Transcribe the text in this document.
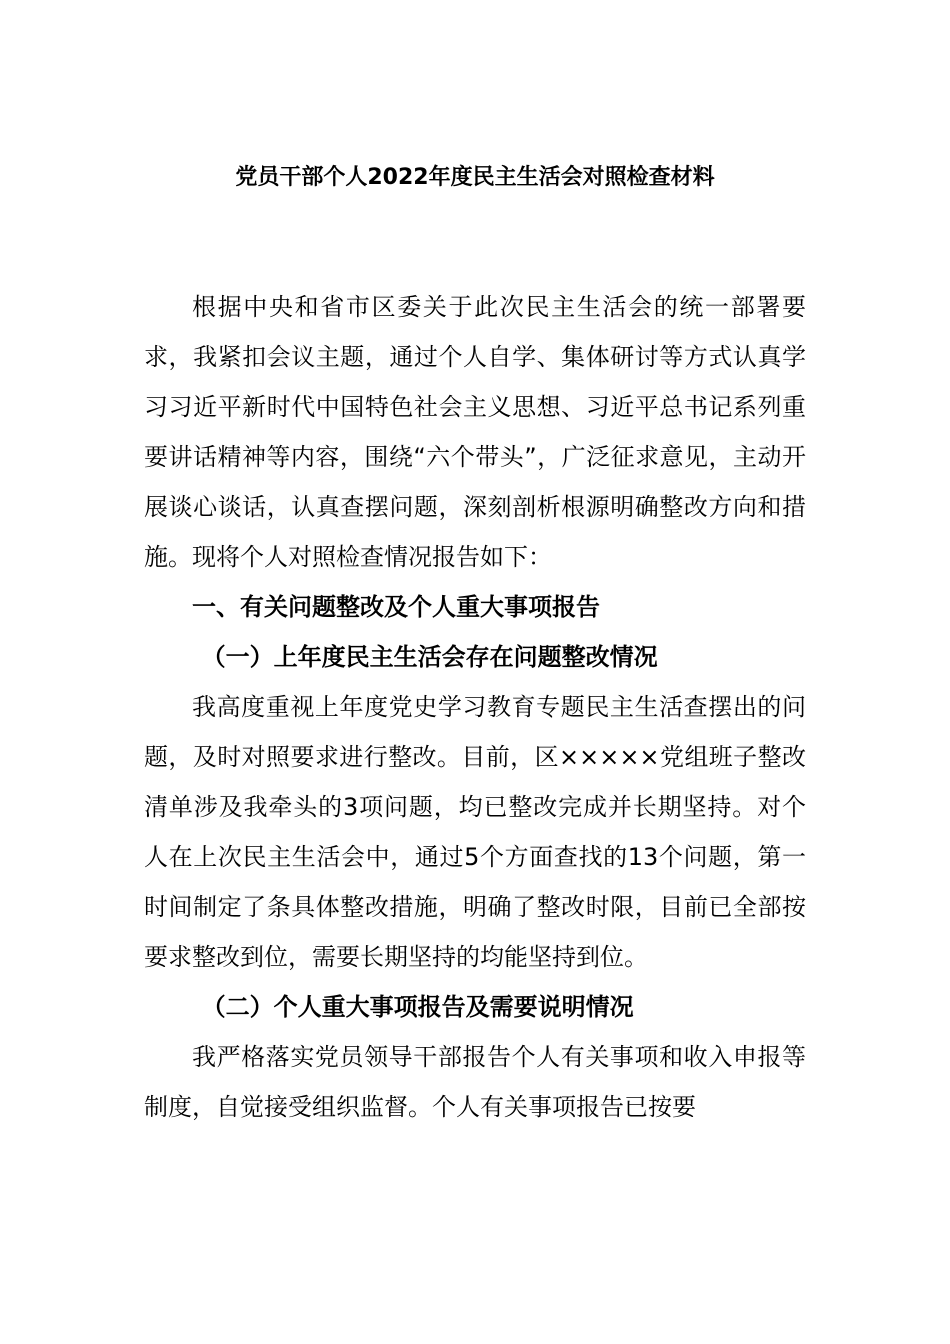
党员干部个人2022年度民主生活会对照检查材料

根据中央和省市区委关于此次民主生活会的统一部署要求，我紧扣会议主题，通过个人自学、集体研讨等方式认真学习习近平新时代中国特色社会主义思想、习近平总书记系列重要讲话精神等内容，围绕“六个带头”，广泛征求意见，主动开展谈心谈话，认真查摆问题，深刻剖析根源明确整改方向和措施。现将个人对照检查情况报告如下：

一、有关问题整改及个人重大事项报告

（一）上年度民主生活会存在问题整改情况

我高度重视上年度党史学习教育专题民主生活查摆出的问题，及时对照要求进行整改。目前，区×××××党组班子整改清单涉及我牵头的3项问题，均已整改完成并长期坚持。对个人在上次民主生活会中，通过5个方面查找的13个问题，第一时间制定了条具体整改措施，明确了整改时限，目前已全部按要求整改到位，需要长期坚持的均能坚持到位。

（二）个人重大事项报告及需要说明情况

我严格落实党员领导干部报告个人有关事项和收入申报等制度，自觉接受组织监督。个人有关事项报告已按要
